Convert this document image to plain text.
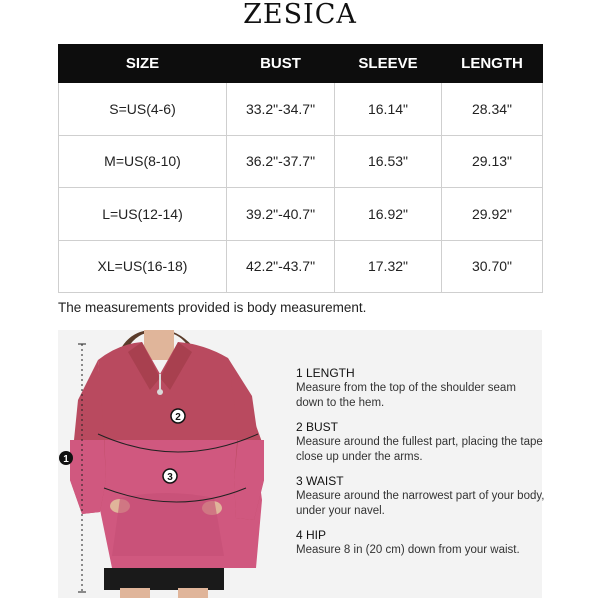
ZESICA
SIZE	BUST	SLEEVE	LENGTH
S=US(4-6)	33.2"-34.7"	16.14"	28.34"
M=US(8-10)	36.2"-37.7"	16.53"	29.13"
L=US(12-14)	39.2"-40.7"	16.92"	29.92"
XL=US(16-18)	42.2"-43.7"	17.32"	30.70"
The measurements provided is body measurement.
1
2
3
1 LENGTH
Measure from the top of the shoulder seam down to the hem.
2 BUST
Measure around the fullest part, placing the tape close up under the arms.
3 WAIST
Measure around the narrowest part of your body, under your navel.
4 HIP
Measure 8 in (20 cm) down from your waist.
